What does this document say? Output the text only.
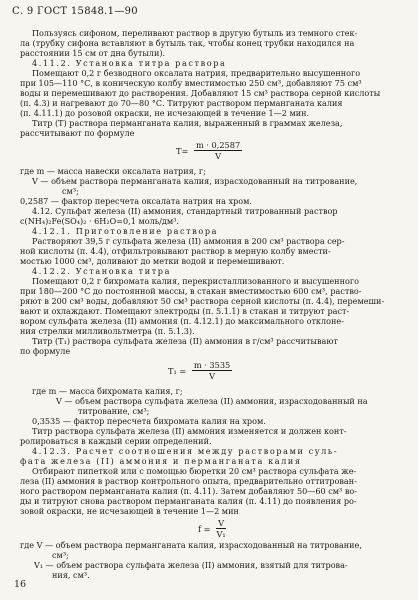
С. 9 ГОСТ 15848.1—90
Пользуясь сифоном, переливают раствор в другую бутыль из темного стек-
ла (трубку сифона вставляют в бутыль так, чтобы конец трубки находился на
расстоянии 15 см от дна бутыли).
4.11.2. Установка титра раствора
Помещают 0,2 г безводного оксалата натрия, предварительно высушенного
при 105—110 °С, в коническую колбу вместимостью 250 см³, добавляют 75 см³
воды и перемешивают до растворения. Добавляют 15 см³ раствора серной кислоты
(п. 4.3) и нагревают до 70—80 °С. Титруют раствором перманганата калия
(п. 4.11.1) до розовой окраски, не исчезающей в течение 1—2 мин.
Титр (T) раствора перманганата калия, выраженный в граммах железа,
рассчитывают по формуле
$T= \frac{m \cdot 0,2587}{V}$
где m — масса навески оксалата натрия, г;
V — объем раствора перманганата калия, израсходованный на титрование,
см³;
0,2587 — фактор пересчета оксалата натрия на хром.
4.12. Сульфат железа (II) аммония, стандартный титрованный раствор
c(NH₄)₂Fe(SO₄)₂ · 6H₂O=0,1 моль/дм³.
4.12.1. Приготовление раствора
Растворяют 39,5 г сульфата железа (II) аммония в 200 см³ раствора сер-
ной кислоты (п. 4.4), отфильтровывают раствор в мерную колбу вмести-
мостью 1000 см³, доливают до метки водой и перемешивают.
4.12.2. Установка титра
Помещают 0,2 г бихромата калия, перекристаллизованного и высушенного
при 180—200 °С до постоянной массы, в стакан вместимостью 600 см³, раство-
ряют в 200 см³ воды, добавляют 50 см³ раствора серной кислоты (п. 4.4), перемеши-
вают и охлаждают. Помещают электроды (п. 5.1.1) в стакан и титруют раст-
вором сульфата железа (II) аммония (п. 4.12.1) до максимального отклоне-
ния стрелки милливольтметра (п. 5.1.3).
Титр (T₁) раствора сульфата железа (II) аммония в г/см³ рассчитывают
по формуле
$T_1 = \frac{m \cdot 3535}{V}$
где m — масса бихромата калия, г;
V — объем раствора сульфата железа (II) аммония, израсходованный на
титрование, см³;
0,3535 — фактор пересчета бихромата калия на хром.
Титр раствора сульфата железа (II) аммония изменяется и должен конт-
ролироваться в каждый серии определений.
4.12.3. Расчет соотношения между растворами суль-
фата железа (II) аммония и перманганата калия
Отбирают пипеткой или с помощью бюретки 20 см³ раствора сульфата же-
леза (II) аммония в раствор контрольного опыта, предварительно оттитрован-
ного раствором перманганата калия (п. 4.11). Затем добавляют 50—60 см³ во-
ды и титруют снова раствором перманганата калия (п. 4.11) до появления ро-
зовой окраски, не исчезающей в течение 1—2 мин
$f = \frac{V}{\text{V₁}}$
где V — объем раствора перманганата калия, израсходованный на титрование,
см³;
V₁ — объем раствора сульфата железа (II) аммония, взятый для титрова-
ния, см³.
16
